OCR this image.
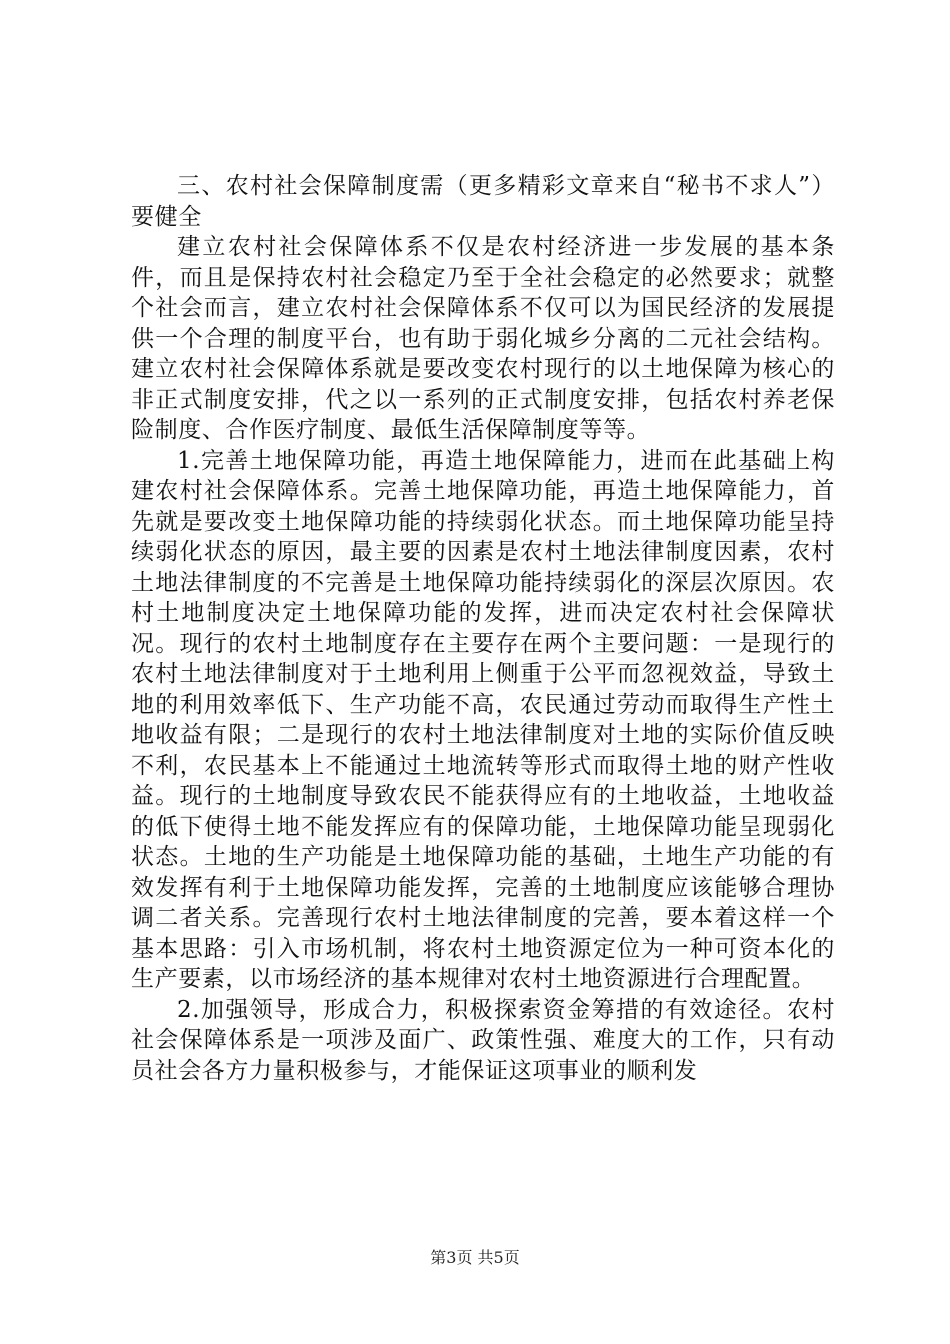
三、农村社会保障制度需（更多精彩文章来自“秘书不求人”）要健全

建立农村社会保障体系不仅是农村经济进一步发展的基本条件，而且是保持农村社会稳定乃至于全社会稳定的必然要求；就整个社会而言，建立农村社会保障体系不仅可以为国民经济的发展提供一个合理的制度平台，也有助于弱化城乡分离的二元社会结构。建立农村社会保障体系就是要改变农村现行的以土地保障为核心的非正式制度安排，代之以一系列的正式制度安排，包括农村养老保险制度、合作医疗制度、最低生活保障制度等等。

1.完善土地保障功能，再造土地保障能力，进而在此基础上构建农村社会保障体系。完善土地保障功能，再造土地保障能力，首先就是要改变土地保障功能的持续弱化状态。而土地保障功能呈持续弱化状态的原因，最主要的因素是农村土地法律制度因素，农村土地法律制度的不完善是土地保障功能持续弱化的深层次原因。农村土地制度决定土地保障功能的发挥，进而决定农村社会保障状况。现行的农村土地制度存在主要存在两个主要问题：一是现行的农村土地法律制度对于土地利用上侧重于公平而忽视效益，导致土地的利用效率低下、生产功能不高，农民通过劳动而取得生产性土地收益有限；二是现行的农村土地法律制度对土地的实际价值反映不利，农民基本上不能通过土地流转等形式而取得土地的财产性收益。现行的土地制度导致农民不能获得应有的土地收益，土地收益的低下使得土地不能发挥应有的保障功能，土地保障功能呈现弱化状态。土地的生产功能是土地保障功能的基础，土地生产功能的有效发挥有利于土地保障功能发挥，完善的土地制度应该能够合理协调二者关系。完善现行农村土地法律制度的完善，要本着这样一个基本思路：引入市场机制，将农村土地资源定位为一种可资本化的生产要素，以市场经济的基本规律对农村土地资源进行合理配置。

2.加强领导，形成合力，积极探索资金筹措的有效途径。农村社会保障体系是一项涉及面广、政策性强、难度大的工作，只有动员社会各方力量积极参与，才能保证这项事业的顺利发

第3页 共5页
